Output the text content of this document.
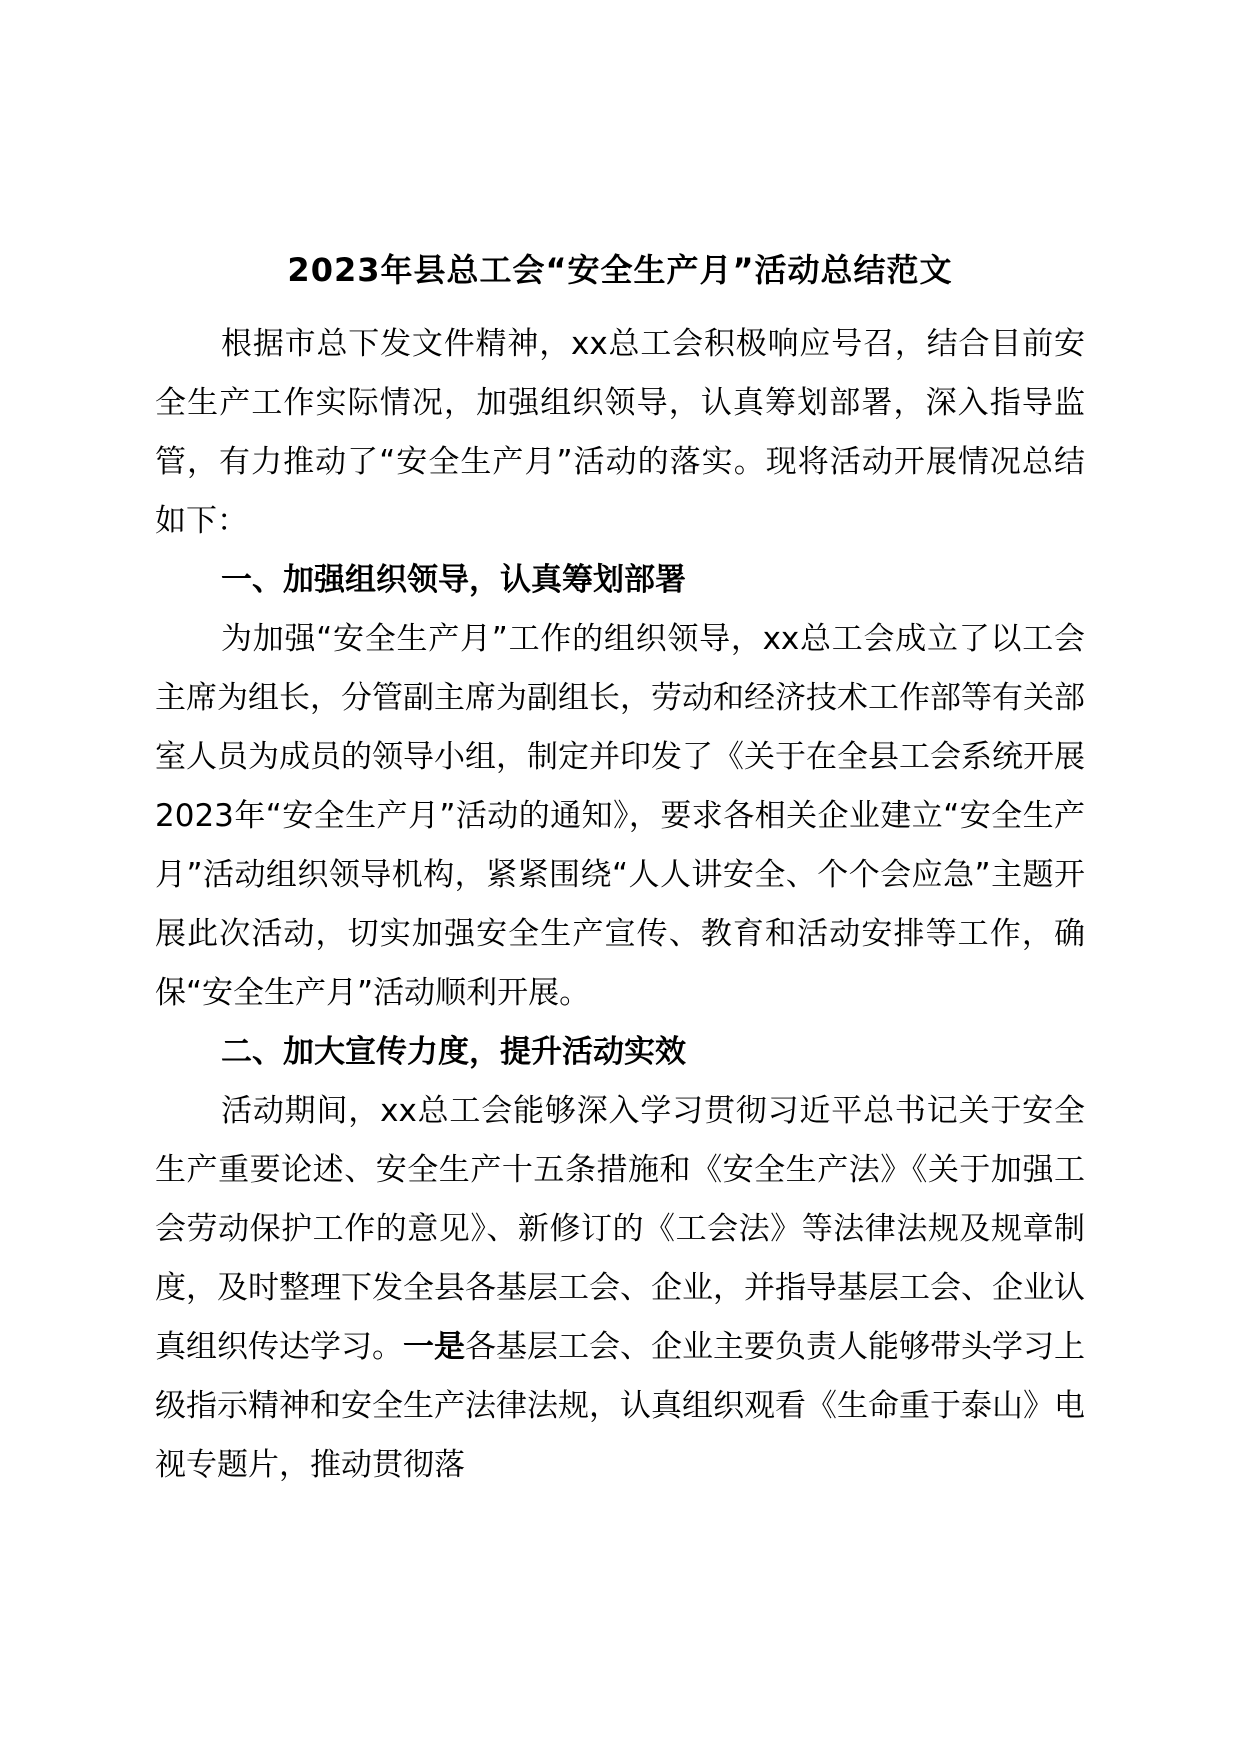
2023年县总工会“安全生产月”活动总结范文

根据市总下发文件精神，xx总工会积极响应号召，结合目前安全生产工作实际情况，加强组织领导，认真筹划部署，深入指导监管，有力推动了“安全生产月”活动的落实。现将活动开展情况总结如下：

一、加强组织领导，认真筹划部署

为加强“安全生产月”工作的组织领导，xx总工会成立了以工会主席为组长，分管副主席为副组长，劳动和经济技术工作部等有关部室人员为成员的领导小组，制定并印发了《关于在全县工会系统开展2023年“安全生产月”活动的通知》，要求各相关企业建立“安全生产月”活动组织领导机构，紧紧围绕“人人讲安全、个个会应急”主题开展此次活动，切实加强安全生产宣传、教育和活动安排等工作，确保“安全生产月”活动顺利开展。

二、加大宣传力度，提升活动实效

活动期间，xx总工会能够深入学习贯彻习近平总书记关于安全生产重要论述、安全生产十五条措施和《安全生产法》《关于加强工会劳动保护工作的意见》、新修订的《工会法》等法律法规及规章制度，及时整理下发全县各基层工会、企业，并指导基层工会、企业认真组织传达学习。一是各基层工会、企业主要负责人能够带头学习上级指示精神和安全生产法律法规，认真组织观看《生命重于泰山》电视专题片，推动贯彻落
